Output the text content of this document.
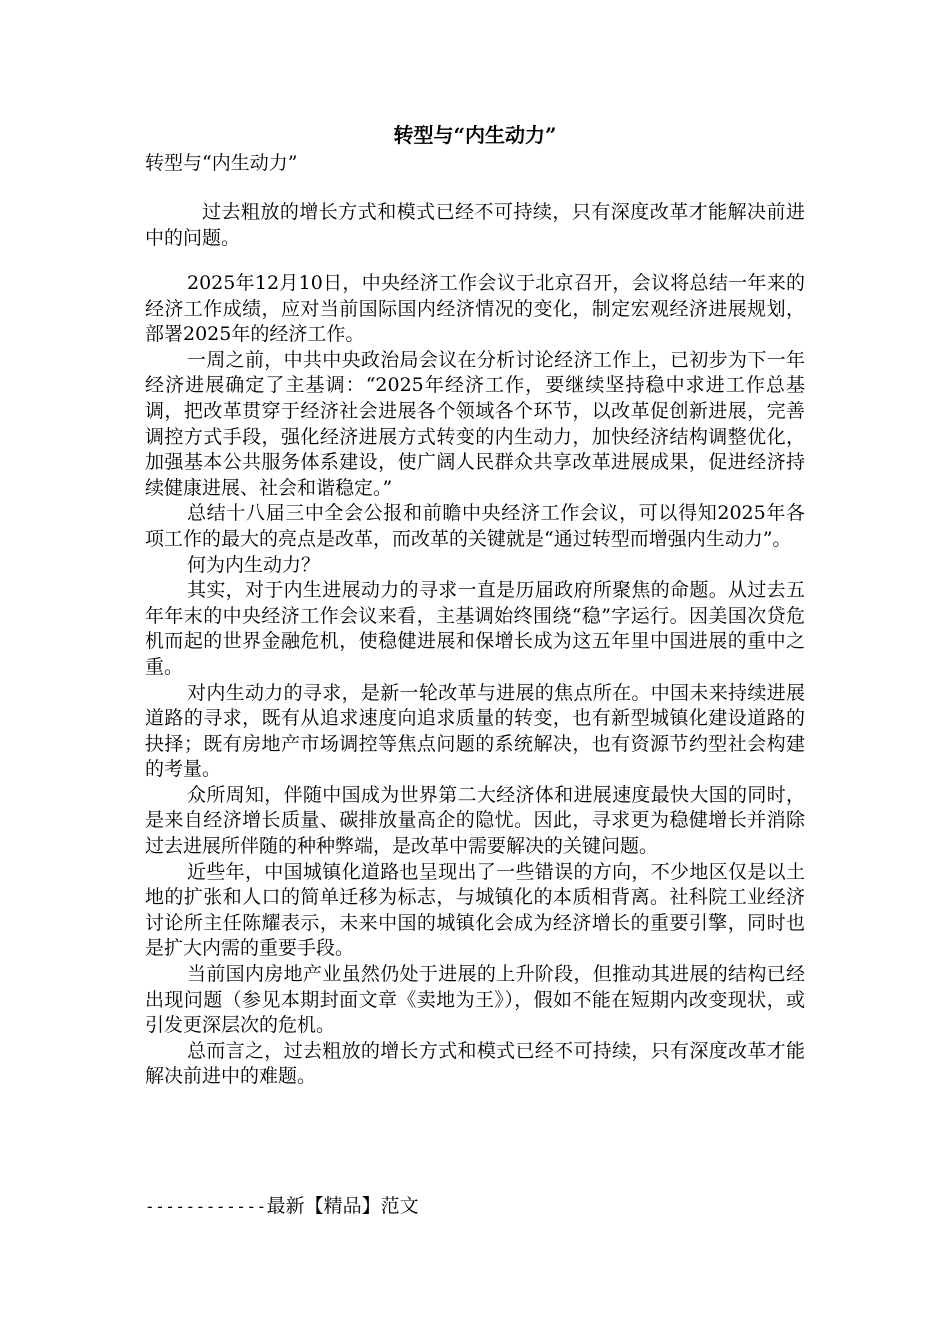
转型与“内生动力”
转型与“内生动力”

过去粗放的增长方式和模式已经不可持续，只有深度改革才能解决前进中的问题。

2025年12月10日，中央经济工作会议于北京召开，会议将总结一年来的经济工作成绩，应对当前国际国内经济情况的变化，制定宏观经济进展规划，部署2025年的经济工作。

一周之前，中共中央政治局会议在分析讨论经济工作上，已初步为下一年经济进展确定了主基调：“2025年经济工作，要继续坚持稳中求进工作总基调，把改革贯穿于经济社会进展各个领域各个环节，以改革促创新进展，完善调控方式手段，强化经济进展方式转变的内生动力，加快经济结构调整优化，加强基本公共服务体系建设，使广阔人民群众共享改革进展成果，促进经济持续健康进展、社会和谐稳定。”

总结十八届三中全会公报和前瞻中央经济工作会议，可以得知2025年各项工作的最大的亮点是改革，而改革的关键就是“通过转型而增强内生动力”。

何为内生动力？

其实，对于内生进展动力的寻求一直是历届政府所聚焦的命题。从过去五年年末的中央经济工作会议来看，主基调始终围绕“稳”字运行。因美国次贷危机而起的世界金融危机，使稳健进展和保增长成为这五年里中国进展的重中之重。

对内生动力的寻求，是新一轮改革与进展的焦点所在。中国未来持续进展道路的寻求，既有从追求速度向追求质量的转变，也有新型城镇化建设道路的抉择；既有房地产市场调控等焦点问题的系统解决，也有资源节约型社会构建的考量。

众所周知，伴随中国成为世界第二大经济体和进展速度最快大国的同时，是来自经济增长质量、碳排放量高企的隐忧。因此，寻求更为稳健增长并消除过去进展所伴随的种种弊端，是改革中需要解决的关键问题。

近些年，中国城镇化道路也呈现出了一些错误的方向，不少地区仅是以土地的扩张和人口的简单迁移为标志，与城镇化的本质相背离。社科院工业经济讨论所主任陈耀表示，未来中国的城镇化会成为经济增长的重要引擎，同时也是扩大内需的重要手段。

当前国内房地产业虽然仍处于进展的上升阶段，但推动其进展的结构已经出现问题（参见本期封面文章《卖地为王》），假如不能在短期内改变现状，或引发更深层次的危机。

总而言之，过去粗放的增长方式和模式已经不可持续，只有深度改革才能解决前进中的难题。

------------最新【精品】范文
